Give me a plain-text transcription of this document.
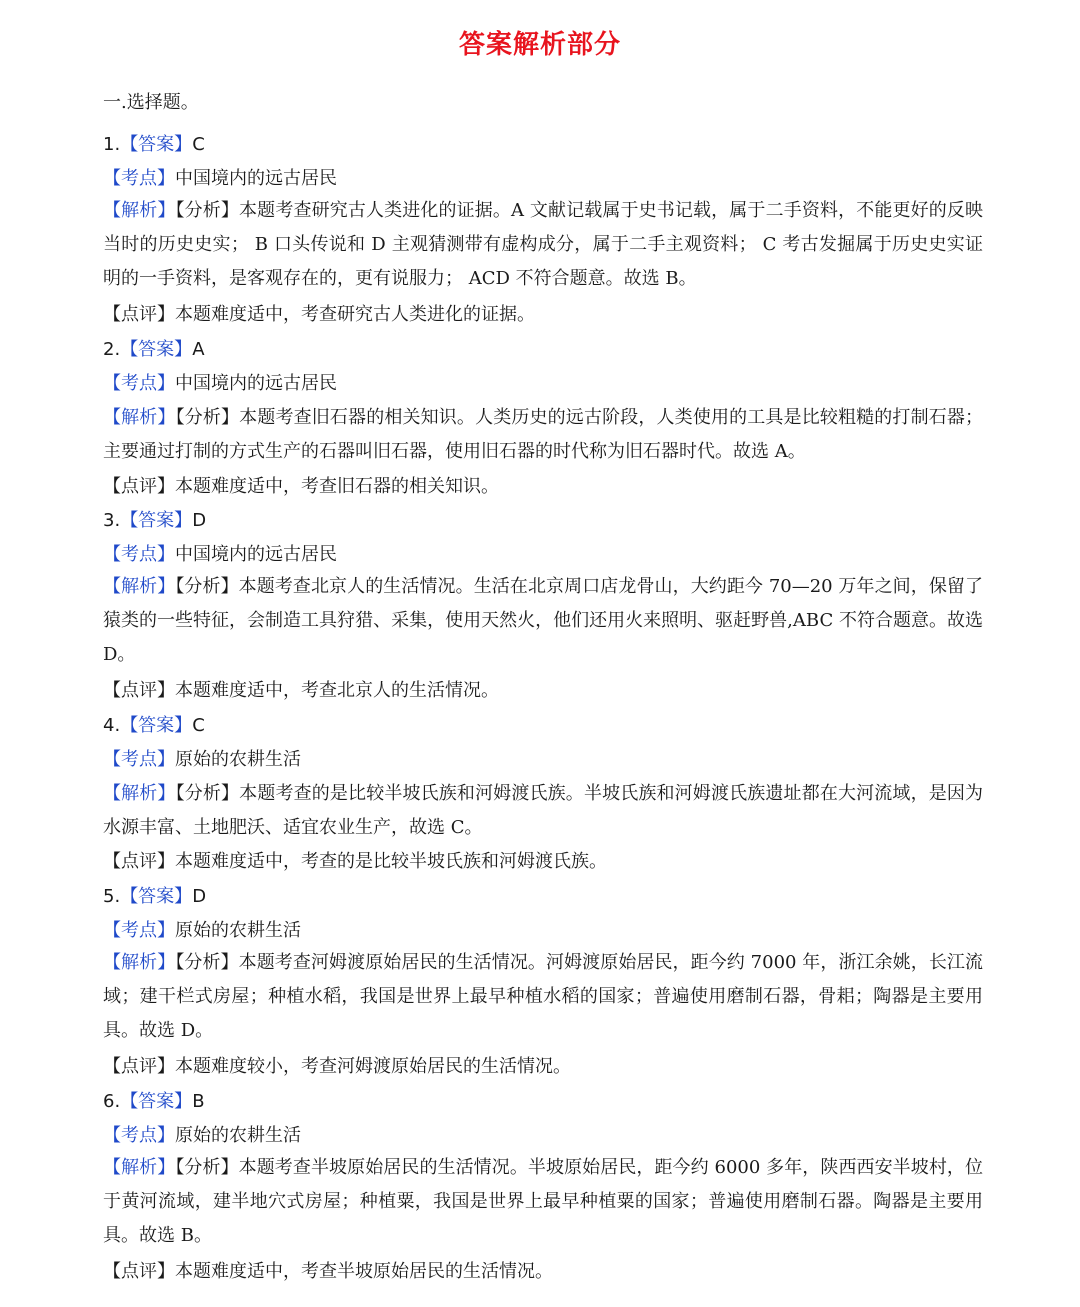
答案解析部分
一.选择题。
1.【答案】C
【考点】中国境内的远古居民
【解析】【分析】本题考查研究古人类进化的证据。A 文献记载属于史书记载，属于二手资料，不能更好的反映当时的历史史实； B 口头传说和 D 主观猜测带有虚构成分，属于二手主观资料； C 考古发掘属于历史史实证明的一手资料，是客观存在的，更有说服力； ACD 不符合题意。故选 B。
【点评】本题难度适中，考查研究古人类进化的证据。
2.【答案】A
【考点】中国境内的远古居民
【解析】【分析】本题考查旧石器的相关知识。人类历史的远古阶段，人类使用的工具是比较粗糙的打制石器；主要通过打制的方式生产的石器叫旧石器，使用旧石器的时代称为旧石器时代。故选 A。
【点评】本题难度适中，考查旧石器的相关知识。
3.【答案】D
【考点】中国境内的远古居民
【解析】【分析】本题考查北京人的生活情况。生活在北京周口店龙骨山，大约距今 70—20 万年之间，保留了猿类的一些特征，会制造工具狩猎、采集，使用天然火，他们还用火来照明、驱赶野兽,ABC 不符合题意。故选 D。
【点评】本题难度适中，考查北京人的生活情况。
4.【答案】C
【考点】原始的农耕生活
【解析】【分析】本题考查的是比较半坡氏族和河姆渡氏族。半坡氏族和河姆渡氏族遗址都在大河流域，是因为水源丰富、土地肥沃、适宜农业生产，故选 C。
【点评】本题难度适中，考查的是比较半坡氏族和河姆渡氏族。
5.【答案】D
【考点】原始的农耕生活
【解析】【分析】本题考查河姆渡原始居民的生活情况。河姆渡原始居民，距今约 7000 年，浙江余姚，长江流域；建干栏式房屋；种植水稻，我国是世界上最早种植水稻的国家；普遍使用磨制石器，骨耜；陶器是主要用具。故选 D。
【点评】本题难度较小，考查河姆渡原始居民的生活情况。
6.【答案】B
【考点】原始的农耕生活
【解析】【分析】本题考查半坡原始居民的生活情况。半坡原始居民，距今约 6000 多年，陕西西安半坡村，位于黄河流域，建半地穴式房屋；种植粟，我国是世界上最早种植粟的国家；普遍使用磨制石器。陶器是主要用具。故选 B。
【点评】本题难度适中，考查半坡原始居民的生活情况。
